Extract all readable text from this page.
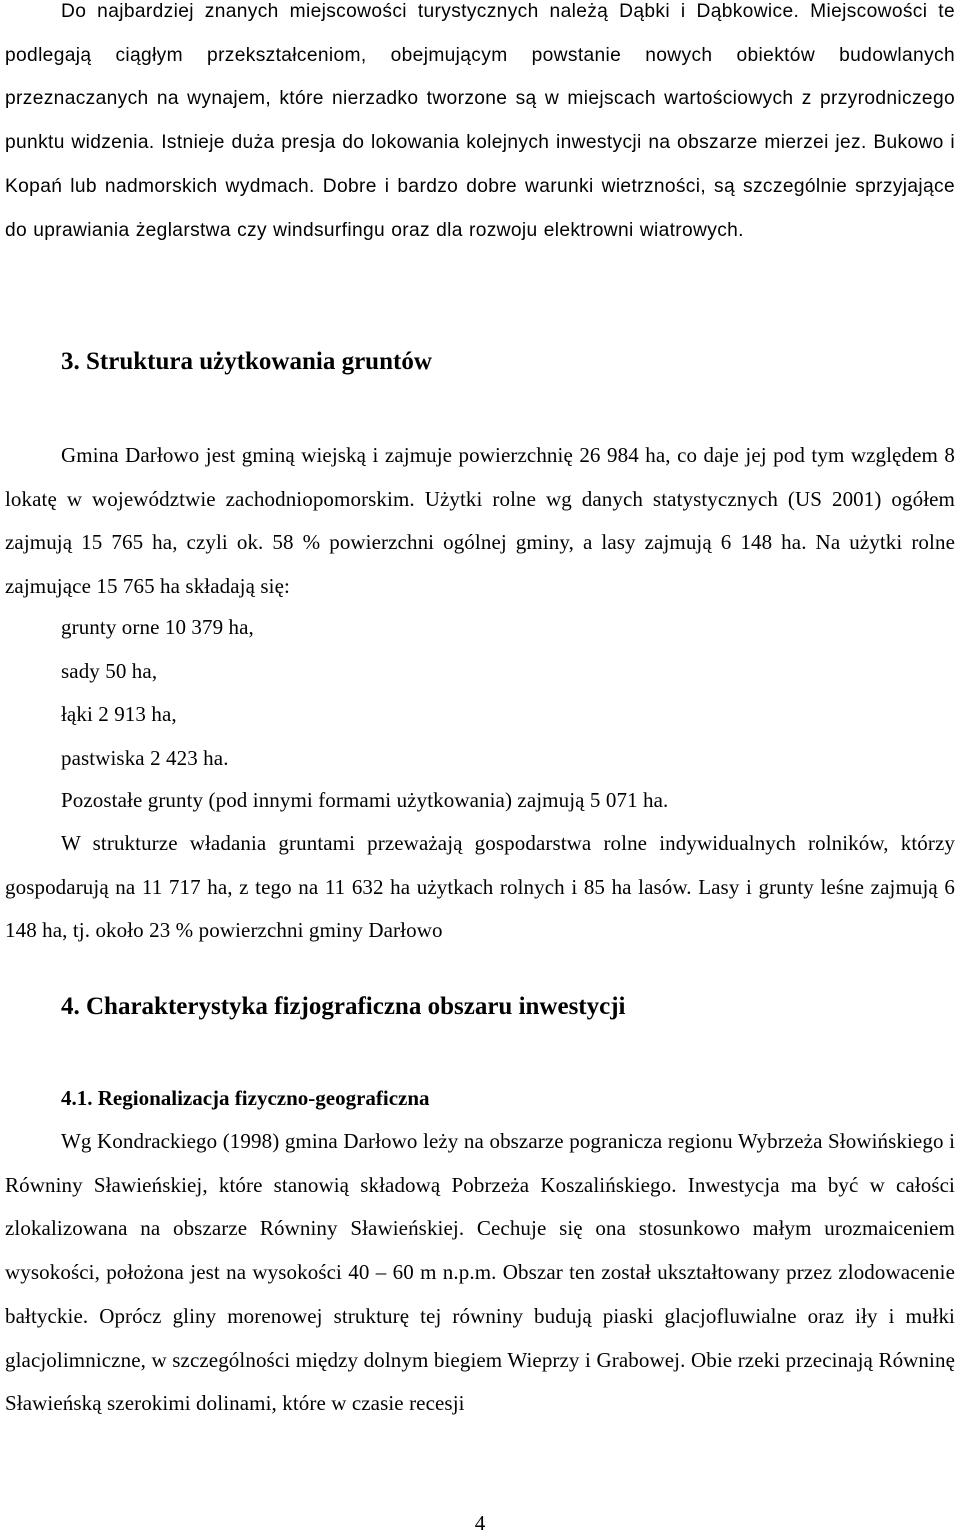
Do najbardziej znanych miejscowości turystycznych należą Dąbki i Dąbkowice. Miejscowości te podlegają ciągłym przekształceniom, obejmującym powstanie nowych obiektów budowlanych przeznaczanych na wynajem, które nierzadko tworzone są w miejscach wartościowych z przyrodniczego punktu widzenia. Istnieje duża presja do lokowania kolejnych inwestycji na obszarze mierzei jez. Bukowo i Kopań lub nadmorskich wydmach. Dobre i bardzo dobre warunki wietrzności, są szczególnie sprzyjające do uprawiania żeglarstwa czy windsurfingu oraz dla rozwoju elektrowni wiatrowych.

3. Struktura użytkowania gruntów

Gmina Darłowo jest gminą wiejską i zajmuje powierzchnię 26 984 ha, co daje jej pod tym względem 8 lokatę w województwie zachodniopomorskim. Użytki rolne wg danych statystycznych (US 2001) ogółem zajmują 15 765 ha, czyli ok. 58 % powierzchni ogólnej gminy, a lasy zajmują 6 148 ha. Na użytki rolne zajmujące 15 765 ha składają się:

grunty orne 10 379 ha,
sady 50 ha,
łąki 2 913 ha,
pastwiska 2 423 ha.

Pozostałe grunty (pod innymi formami użytkowania) zajmują 5 071 ha.

W strukturze władania gruntami przeważają gospodarstwa rolne indywidualnych rolników, którzy gospodarują na 11 717 ha, z tego na 11 632 ha użytkach rolnych i 85 ha lasów. Lasy i grunty leśne zajmują 6 148 ha, tj. około 23 % powierzchni gminy Darłowo

4. Charakterystyka fizjograficzna obszaru inwestycji
4.1. Regionalizacja fizyczno-geograficzna

Wg Kondrackiego (1998) gmina Darłowo leży na obszarze pogranicza regionu Wybrzeża Słowińskiego i Równiny Sławieńskiej, które stanowią składową Pobrzeża Koszalińskiego. Inwestycja ma być w całości zlokalizowana na obszarze Równiny Sławieńskiej. Cechuje się ona stosunkowo małym urozmaiceniem wysokości, położona jest na wysokości 40 – 60 m n.p.m. Obszar ten został ukształtowany przez zlodowacenie bałtyckie. Oprócz gliny morenowej strukturę tej równiny budują piaski glacjofluwialne oraz iły i mułki glacjolimniczne, w szczególności między dolnym biegiem Wieprzy i Grabowej. Obie rzeki przecinają Równinę Sławieńską szerokimi dolinami, które w czasie recesji

4
